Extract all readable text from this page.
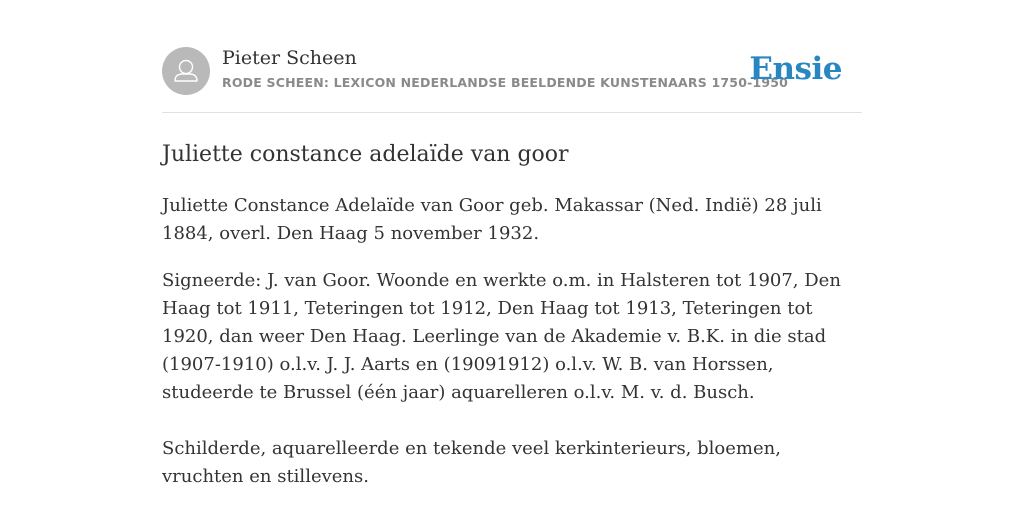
Pieter Scheen
RODE SCHEEN: LEXICON NEDERLANDSE BEELDENDE KUNSTENAARS 1750-1950
Ensie
Juliette constance adelaïde van goor

Juliette Constance Adelaïde van Goor geb. Makassar (Ned. Indië) 28 juli 1884, overl. Den Haag 5 november 1932.

Signeerde: J. van Goor. Woonde en werkte o.m. in Halsteren tot 1907, Den Haag tot 1911, Teteringen tot 1912, Den Haag tot 1913, Teteringen tot 1920, dan weer Den Haag. Leerlinge van de Akademie v. B.K. in die stad (1907-1910) o.l.v. J. J. Aarts en (19091912) o.l.v. W. B. van Horssen, studeerde te Brussel (één jaar) aquarelleren o.l.v. M. v. d. Busch.

Schilderde, aquarelleerde en tekende veel kerkinterieurs, bloemen, vruchten en stillevens.
